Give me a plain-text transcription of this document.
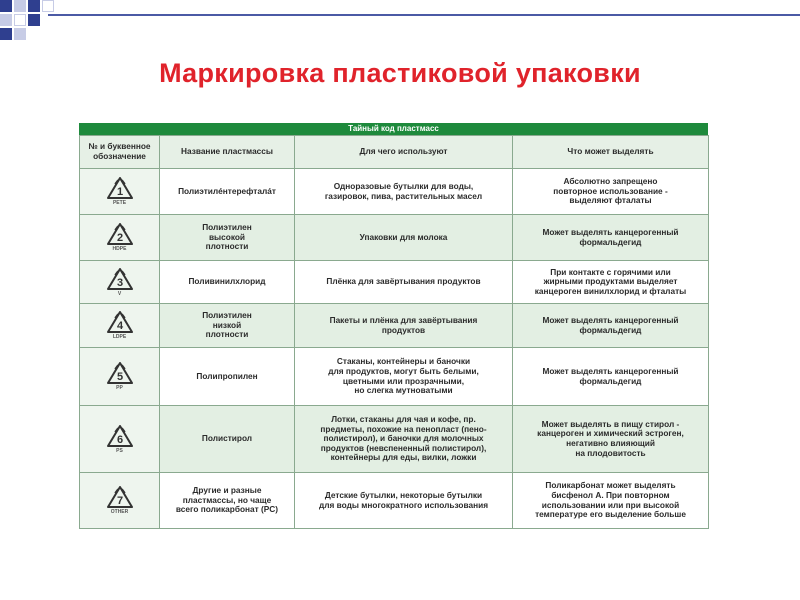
Маркировка пластиковой упаковки
Тайный код пластмасс
№ и буквенное обозначение	Название пластмассы	Для чего используют	Что может выделять

1
PETE	Полиэтилéнтерефталáт	Одноразовые бутылки для воды,
газировок, пива, растительных масел	Абсолютно запрещено
повторное использование -
выделяют фталаты

2
HDPE	Полиэтилен
высокой
плотности	Упаковки для молока	Может выделять канцерогенный
формальдегид

3
V	Поливинилхлорид	Плёнка для завёртывания продуктов	При контакте с горячими или
жирными продуктами выделяет
канцероген винилхлорид и фталаты

4
LDPE	Полиэтилен
низкой
плотности	Пакеты и плёнка для завёртывания
продуктов	Может выделять канцерогенный
формальдегид

5
PP	Полипропилен	Стаканы, контейнеры и баночки
для продуктов, могут быть белыми,
цветными или прозрачными,
но слегка мутноватыми	Может выделять канцерогенный
формальдегид

6
PS	Полистирол	Лотки, стаканы для чая и кофе, пр.
предметы, похожие на пенопласт (пено-
полистирол), и баночки для молочных
продуктов (невспененный полистирол),
контейнеры для еды, вилки, ложки	Может выделять в пищу стирол -
канцероген и химический эстроген,
негативно влияющий
на плодовитость

7
OTHER	Другие и разные
пластмассы, но чаще
всего поликарбонат (PC)	Детские бутылки, некоторые бутылки
для воды многократного использования	Поликарбонат может выделять
бисфенол А. При повторном
использовании или при высокой
температуре его выделение больше
